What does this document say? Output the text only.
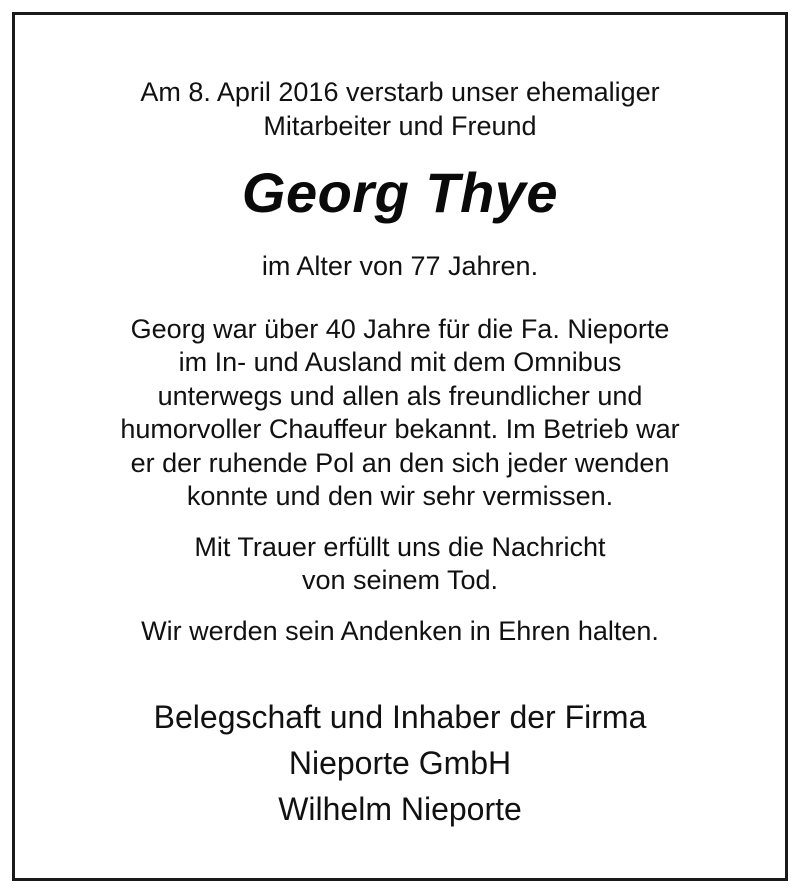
Am 8. April 2016 verstarb unser ehemaliger
Mitarbeiter und Freund
Georg Thye
im Alter von 77 Jahren.
Georg war über 40 Jahre für die Fa. Nieporte
im In- und Ausland mit dem Omnibus
unterwegs und allen als freundlicher und
humorvoller Chauffeur bekannt. Im Betrieb war
er der ruhende Pol an den sich jeder wenden
konnte und den wir sehr vermissen.
Mit Trauer erfüllt uns die Nachricht
von seinem Tod.
Wir werden sein Andenken in Ehren halten.
Belegschaft und Inhaber der Firma
Nieporte GmbH
Wilhelm Nieporte
